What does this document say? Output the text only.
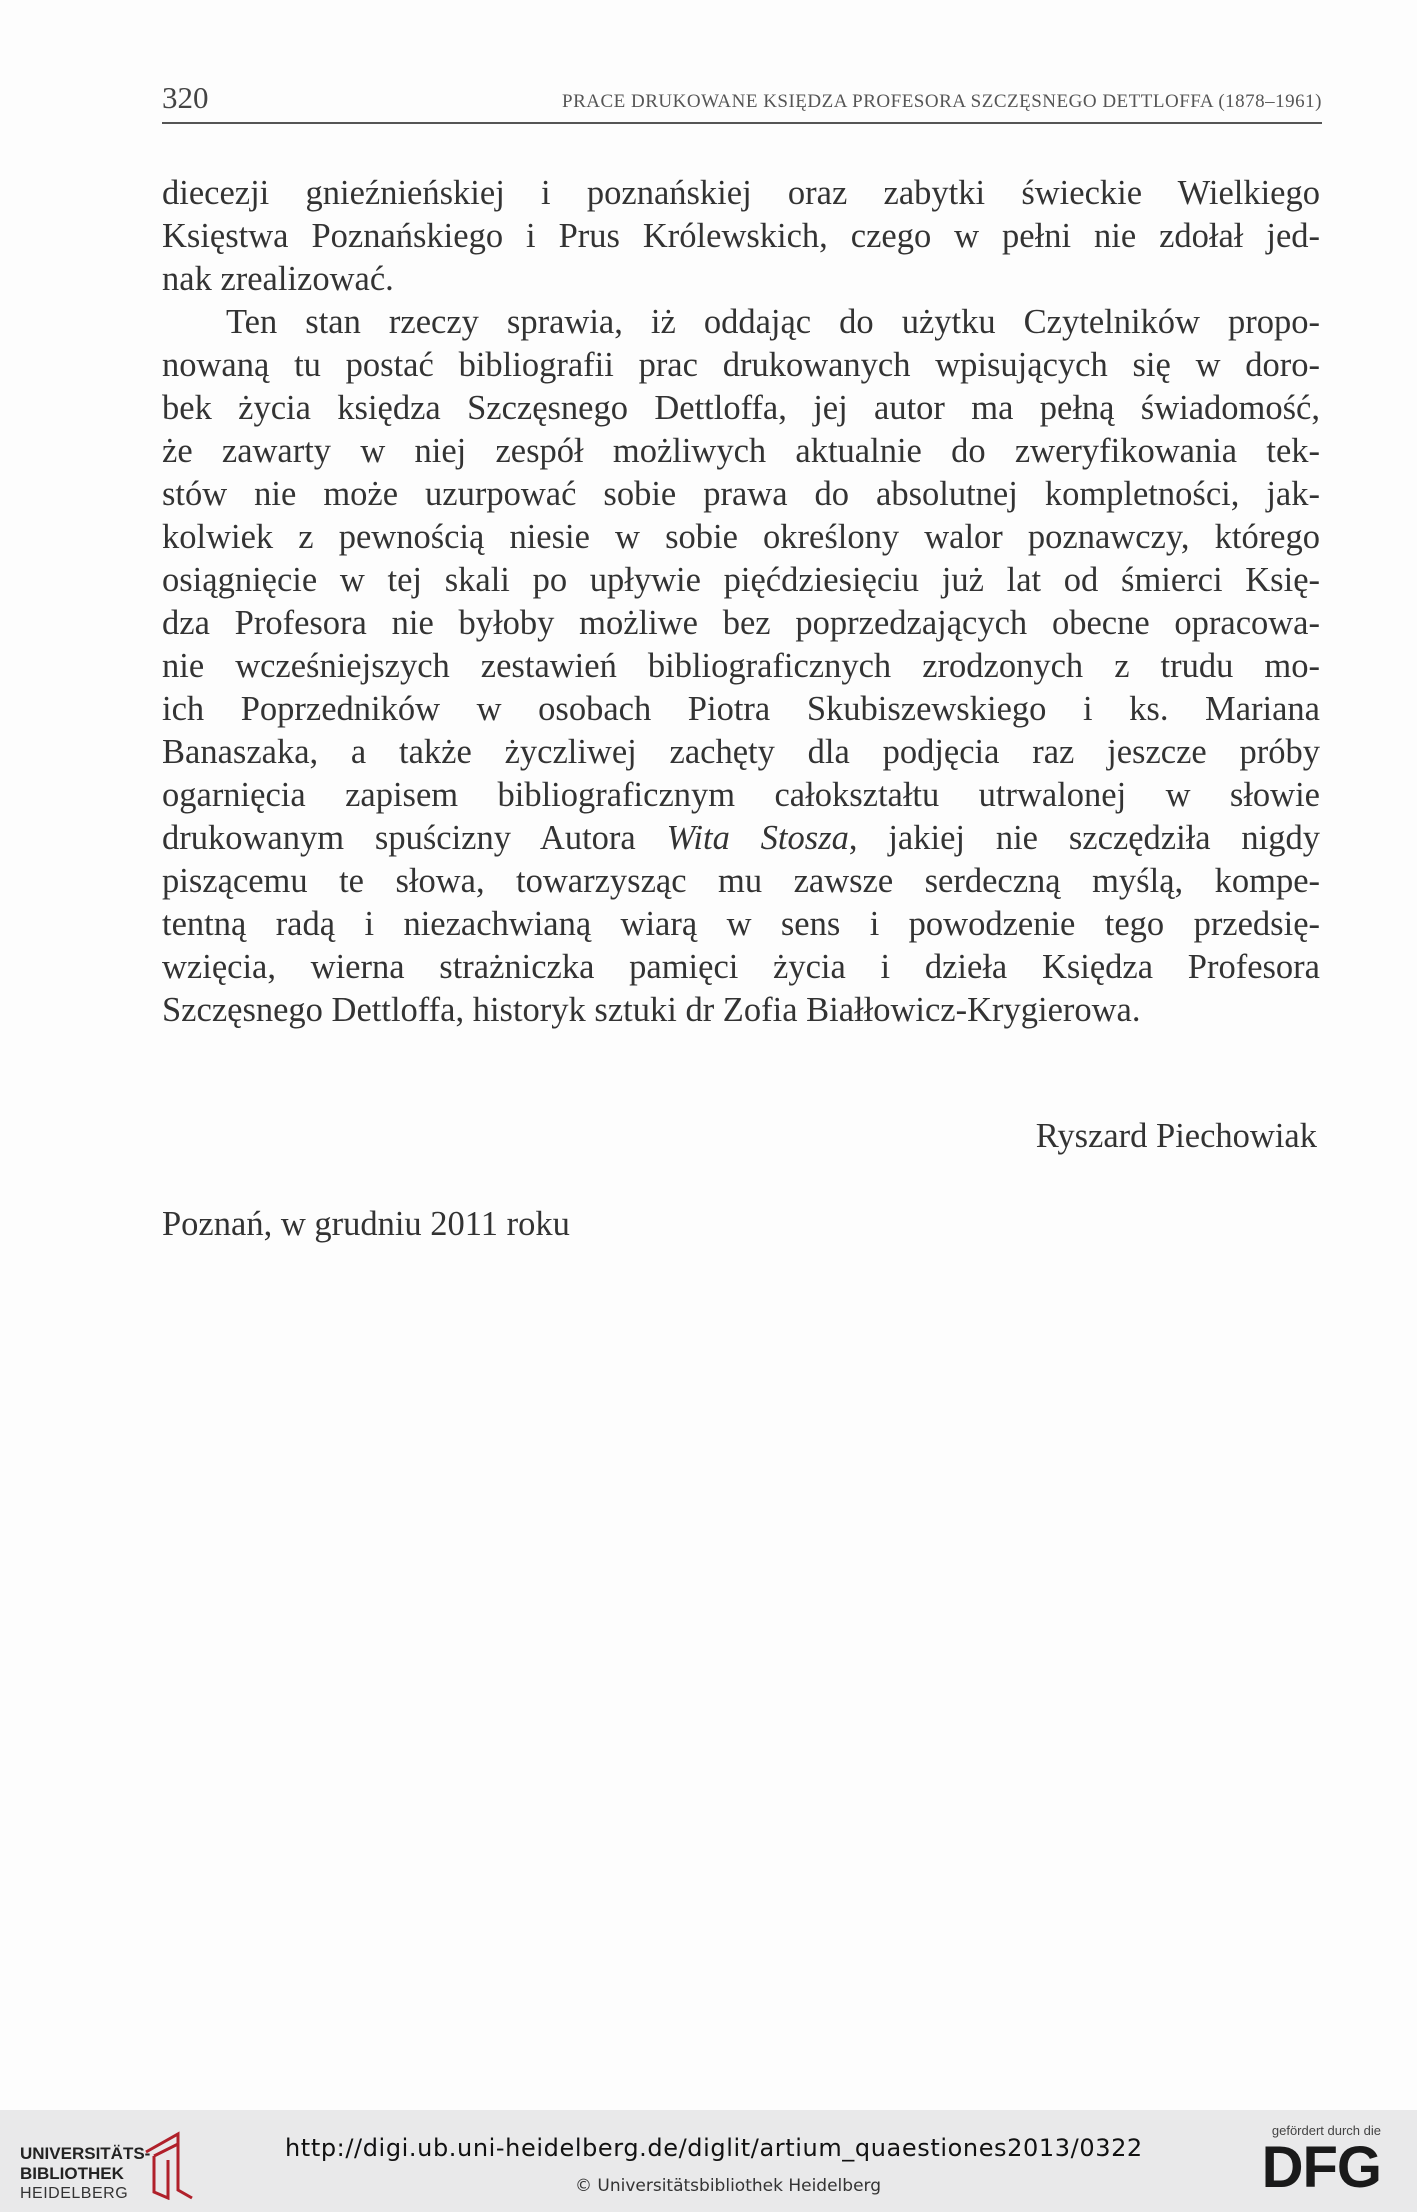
320	PRACE DRUKOWANE KSIĘDZA PROFESORA SZCZĘSNEGO DETTLOFFA (1878–1961)
diecezji gnieźnieńskiej i poznańskiej oraz zabytki świeckie Wielkiego
Księstwa Poznańskiego i Prus Królewskich, czego w pełni nie zdołał jed-
nak zrealizować.
Ten stan rzeczy sprawia, iż oddając do użytku Czytelników propo-
nowaną tu postać bibliografii prac drukowanych wpisujących się w doro-
bek życia księdza Szczęsnego Dettloffa, jej autor ma pełną świadomość,
że zawarty w niej zespół możliwych aktualnie do zweryfikowania tek-
stów nie może uzurpować sobie prawa do absolutnej kompletności, jak-
kolwiek z pewnością niesie w sobie określony walor poznawczy, którego
osiągnięcie w tej skali po upływie pięćdziesięciu już lat od śmierci Księ-
dza Profesora nie byłoby możliwe bez poprzedzających obecne opracowa-
nie wcześniejszych zestawień bibliograficznych zrodzonych z trudu mo-
ich Poprzedników w osobach Piotra Skubiszewskiego i ks. Mariana
Banaszaka, a także życzliwej zachęty dla podjęcia raz jeszcze próby
ogarnięcia zapisem bibliograficznym całokształtu utrwalonej w słowie
drukowanym spuścizny Autora Wita Stosza, jakiej nie szczędziła nigdy
piszącemu te słowa, towarzysząc mu zawsze serdeczną myślą, kompe-
tentną radą i niezachwianą wiarą w sens i powodzenie tego przedsię-
wzięcia, wierna strażniczka pamięci życia i dzieła Księdza Profesora
Szczęsnego Dettloffa, historyk sztuki dr Zofia Białłowicz-Krygierowa.
Ryszard Piechowiak
Poznań, w grudniu 2011 roku
UNIVERSITÄTS-
BIBLIOTHEK
HEIDELBERG
http://digi.ub.uni-heidelberg.de/diglit/artium_quaestiones2013/0322
© Universitätsbibliothek Heidelberg
gefördert durch die
DFG
